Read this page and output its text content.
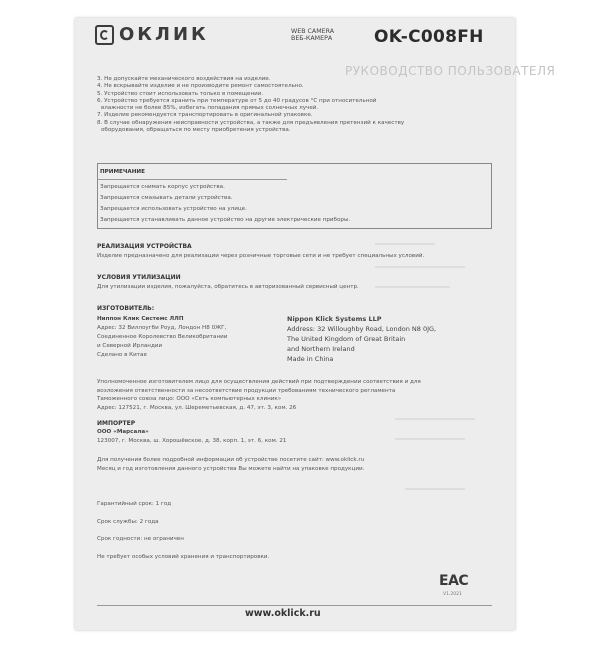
ОКЛИК	WEB CAMERA
ВЕБ-КАМЕРА OK-C008FH
РУКОВОДСТВО ПОЛЬЗОВАТЕЛЯ
3. Не допускайте механического воздействия на изделие.
4. Не вскрывайте изделие и не производите ремонт самостоятельно.
5. Устройство стоит использовать только в помещении.
6. Устройство требуется хранить при температуре от 5 до 40 градусов °С при относительной
влажности не более 85%, избегать попадания прямых солнечных лучей.
7. Изделие рекомендуется транспортировать в оригинальной упаковке.
8. В случае обнаружения неисправности устройства, а также для предъявления претензий к качеству
оборудования, обращаться по месту приобретения устройства.
ПРИМЕЧАНИЕ
Запрещается снимать корпус устройства.
Запрещается смазывать детали устройства.
Запрещается использовать устройство на улице.
Запрещается устанавливать данное устройство на другие электрические приборы.
РЕАЛИЗАЦИЯ УСТРОЙСТВА
Изделие предназначено для реализации через розничные торговые сети и не требует специальных условий.
УСЛОВИЯ УТИЛИЗАЦИИ
Для утилизации изделия, пожалуйста, обратитесь в авторизованный сервисный центр.
ИЗГОТОВИТЕЛЬ:
Ниппон Клик Системс ЛЛП
Адрес: 32 Виллоугби Роуд, Лондон Н8 0ЖГ,
Соединенное Королевство Великобритании
и Северной Ирландии
Сделано в Китае
Nippon Klick Systems LLP
Address: 32 Willoughby Road, London N8 0JG,
The United Kingdom of Great Britain
and Northern Ireland
Made in China
Уполномоченное изготовителем лицо для осуществления действий при подтверждении соответствия и для
возложения ответственности за несоответствие продукции требованиям технического регламента
Таможенного союза лицо: ООО «Сеть компьютерных клиник»
Адрес: 127521, г. Москва, ул. Шереметьевская, д. 47, эт. 3, ком. 26
ИМПОРТЕР
ООО «Марсала»
123007, г. Москва, ш. Хорошёвское, д. 38, корп. 1, эт. 6, ком. 21
Для получения более подробной информации об устройстве посетите сайт: www.oklick.ru
Месяц и год изготовления данного устройства Вы можете найти на упаковке продукции.
Гарантийный срок: 1 год
Срок службы: 2 года
Срок годности: не ограничен
Не требует особых условий хранения и транспортировки.
EAC
V1.2021
www.oklick.ru
